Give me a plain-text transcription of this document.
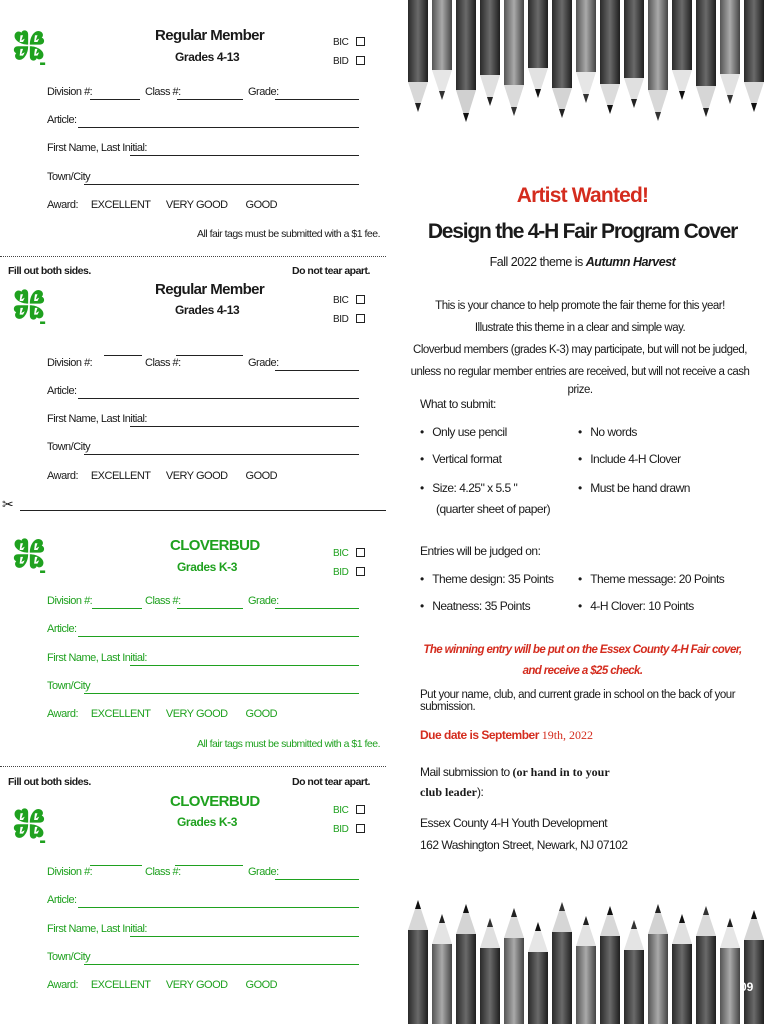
Regular Member
Grades 4-13
BIC
BID
Division #:	Class #:	Grade:
Article:
First Name, Last Initial:
Town/City
Award: EXCELLENT VERY GOOD GOOD
All fair tags must be submitted with a $1 fee.
Fill out both sides.	Do not tear apart.
Regular Member
Grades 4-13
BIC
BID
Division #:	Class #:	Grade:
Article:
First Name, Last Initial:
Town/City
Award: EXCELLENT VERY GOOD GOOD
✂
CLOVERBUD
Grades K-3
BIC
BID
Division #:	Class #:	Grade:
Article:
First Name, Last Initial:
Town/City
Award: EXCELLENT VERY GOOD GOOD
All fair tags must be submitted with a $1 fee.
Fill out both sides.	Do not tear apart.
CLOVERBUD
Grades K-3
BIC
BID
Division #:	Class #:	Grade:
Article:
First Name, Last Initial:
Town/City
Award: EXCELLENT VERY GOOD GOOD
Artist Wanted!
Design the 4-H Fair Program Cover
Fall 2022 theme is Autumn Harvest
This is your chance to help promote the fair theme for this year!
Illustrate this theme in a clear and simple way.
Cloverbud members (grades K-3) may participate, but will not be judged,
unless no regular member entries are received, but will not receive a cash
prize.
What to submit:
•   Only use pencil
•   Vertical format
•   Size: 4.25" x 5.5 "
(quarter sheet of paper)
•   No words
•   Include 4-H Clover
•   Must be hand drawn
Entries will be judged on:
•   Theme design: 35 Points
•   Neatness: 35 Points
•   Theme message: 20 Points
•   4-H Clover: 10 Points
The winning entry will be put on the Essex County 4-H Fair cover,
and receive a $25 check.
Put your name, club, and current grade in school on the back of your submission.
Due date is September 19th, 2022
Mail submission to (or hand in to your
club leader):
Essex County 4-H Youth Development
162 Washington Street, Newark, NJ 07102
09
